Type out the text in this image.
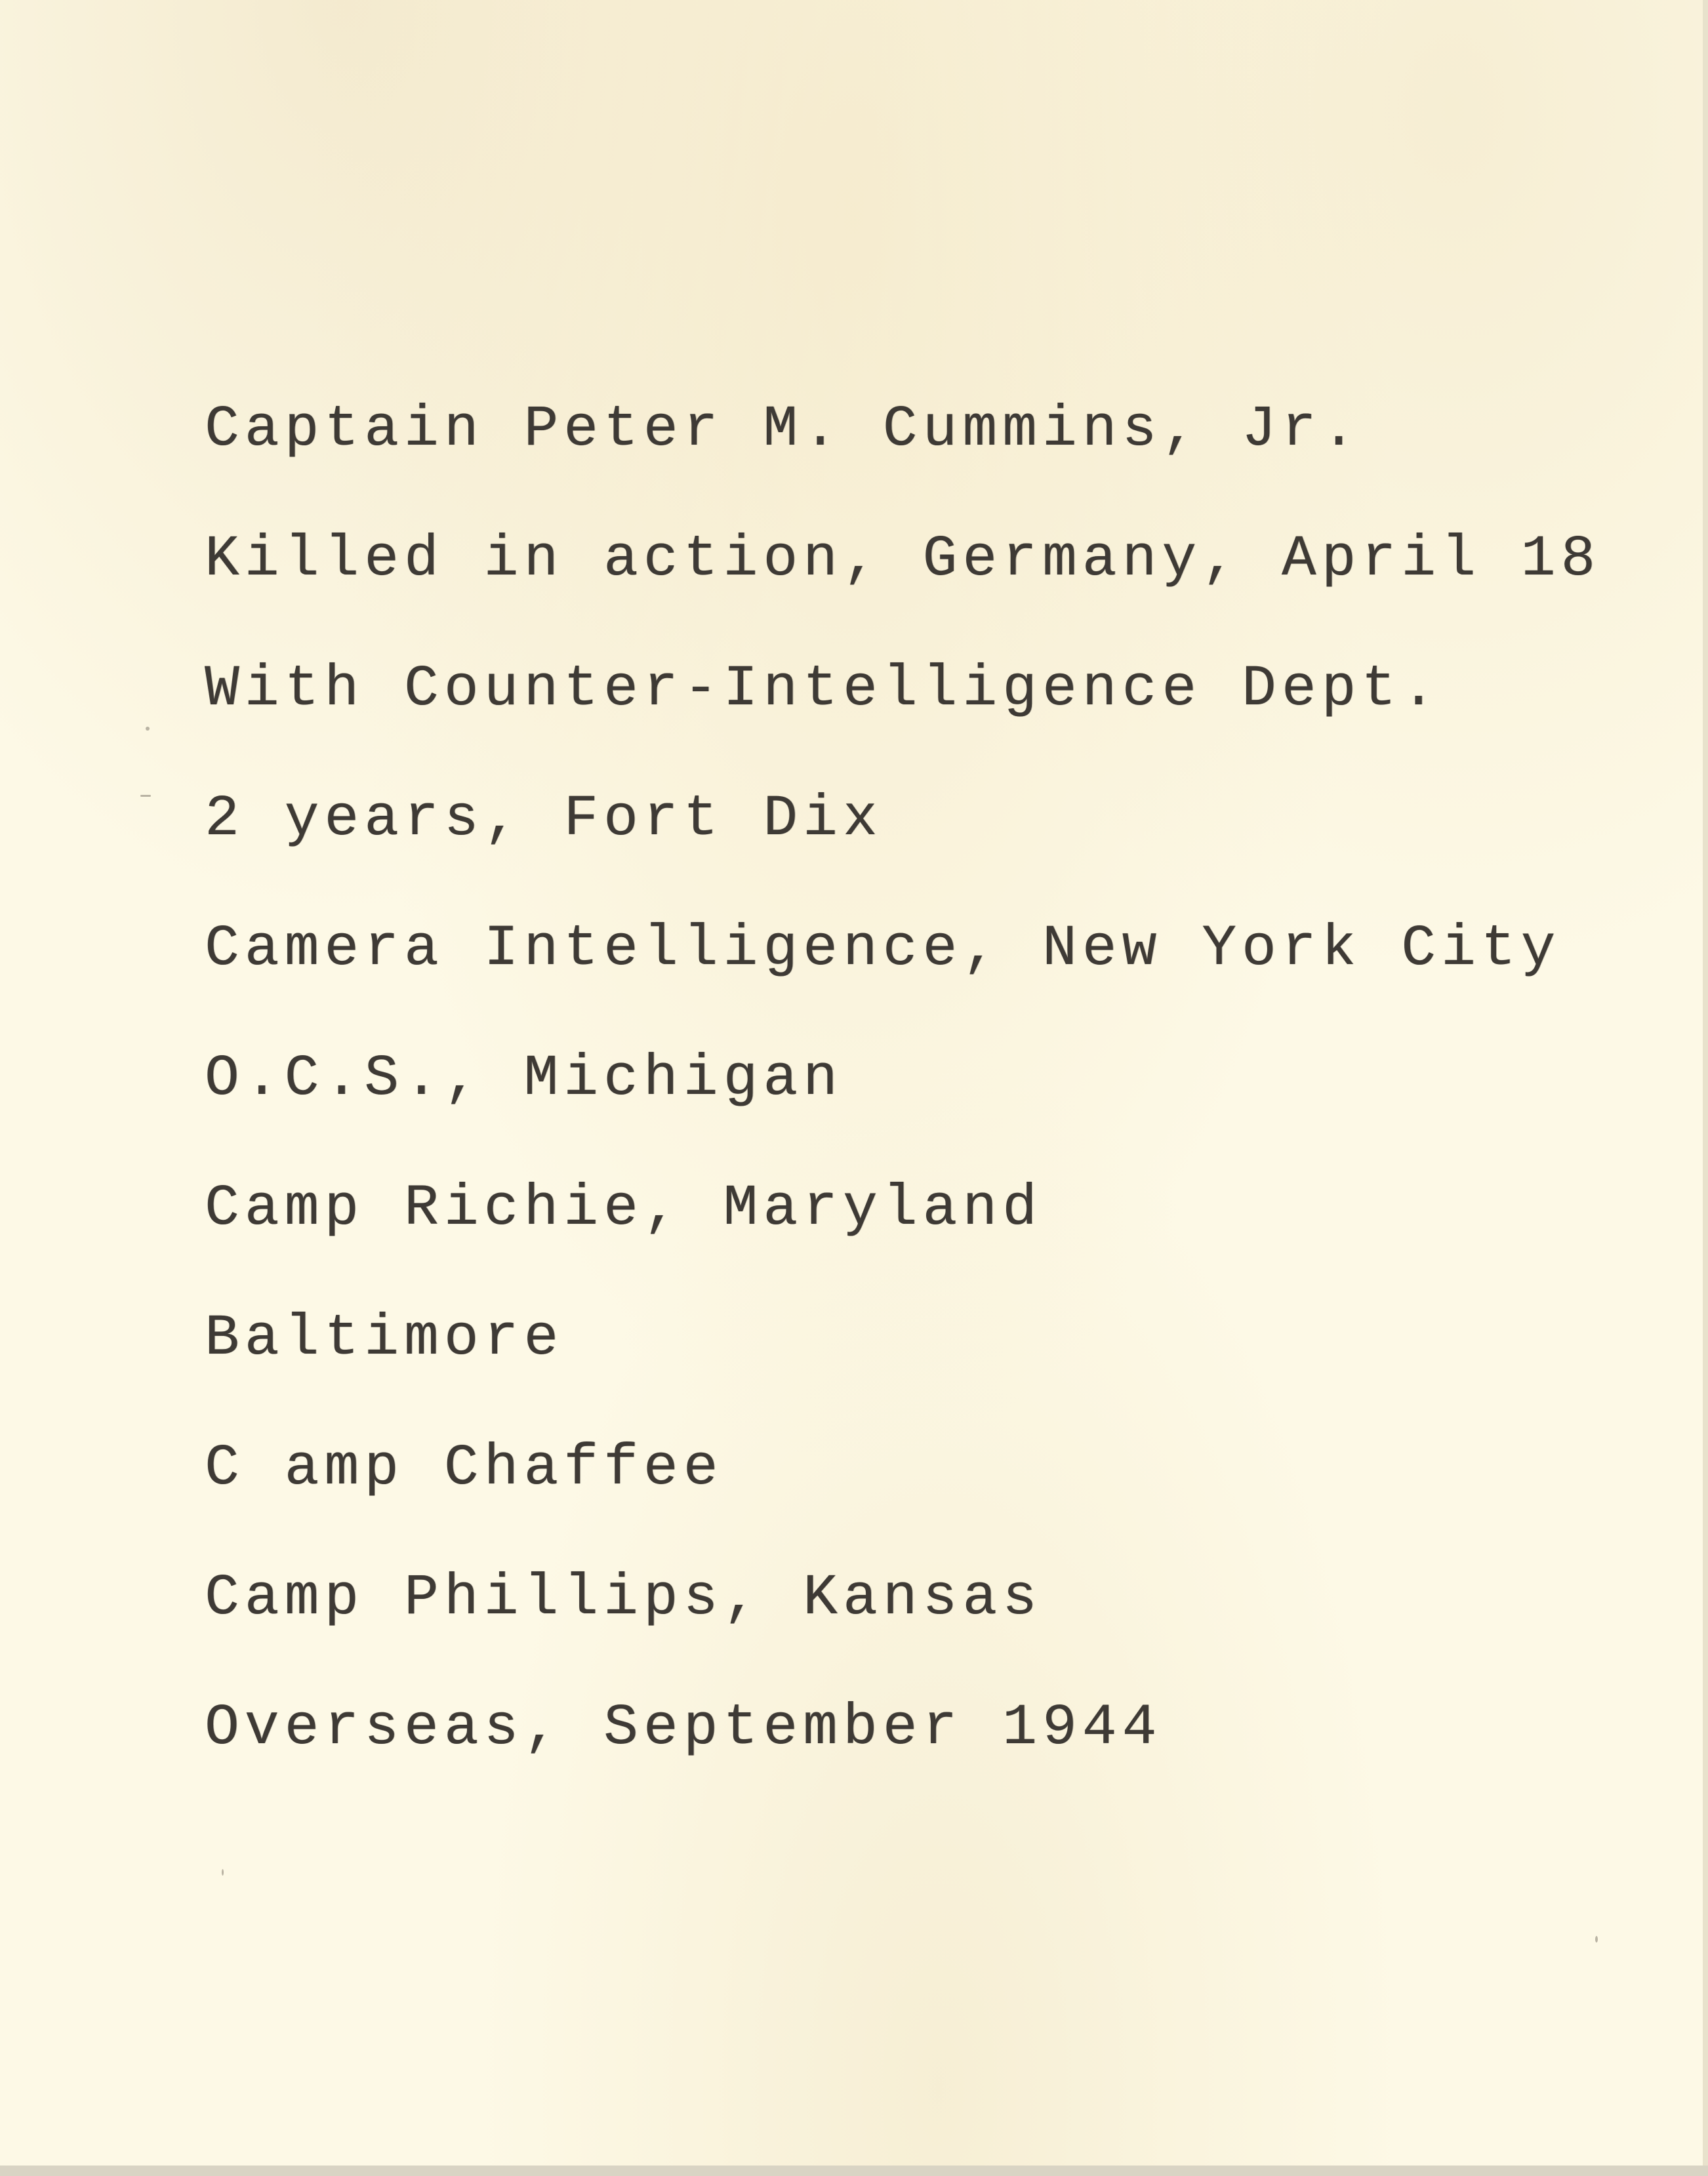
Captain Peter M. Cummins, Jr.
Killed in action, Germany, April 18
With Counter-Intelligence Dept.
2 years, Fort Dix
Camera Intelligence, New York City
O.C.S., Michigan
Camp Richie, Maryland
Baltimore
C amp Chaffee
Camp Phillips, Kansas
Overseas, September 1944
